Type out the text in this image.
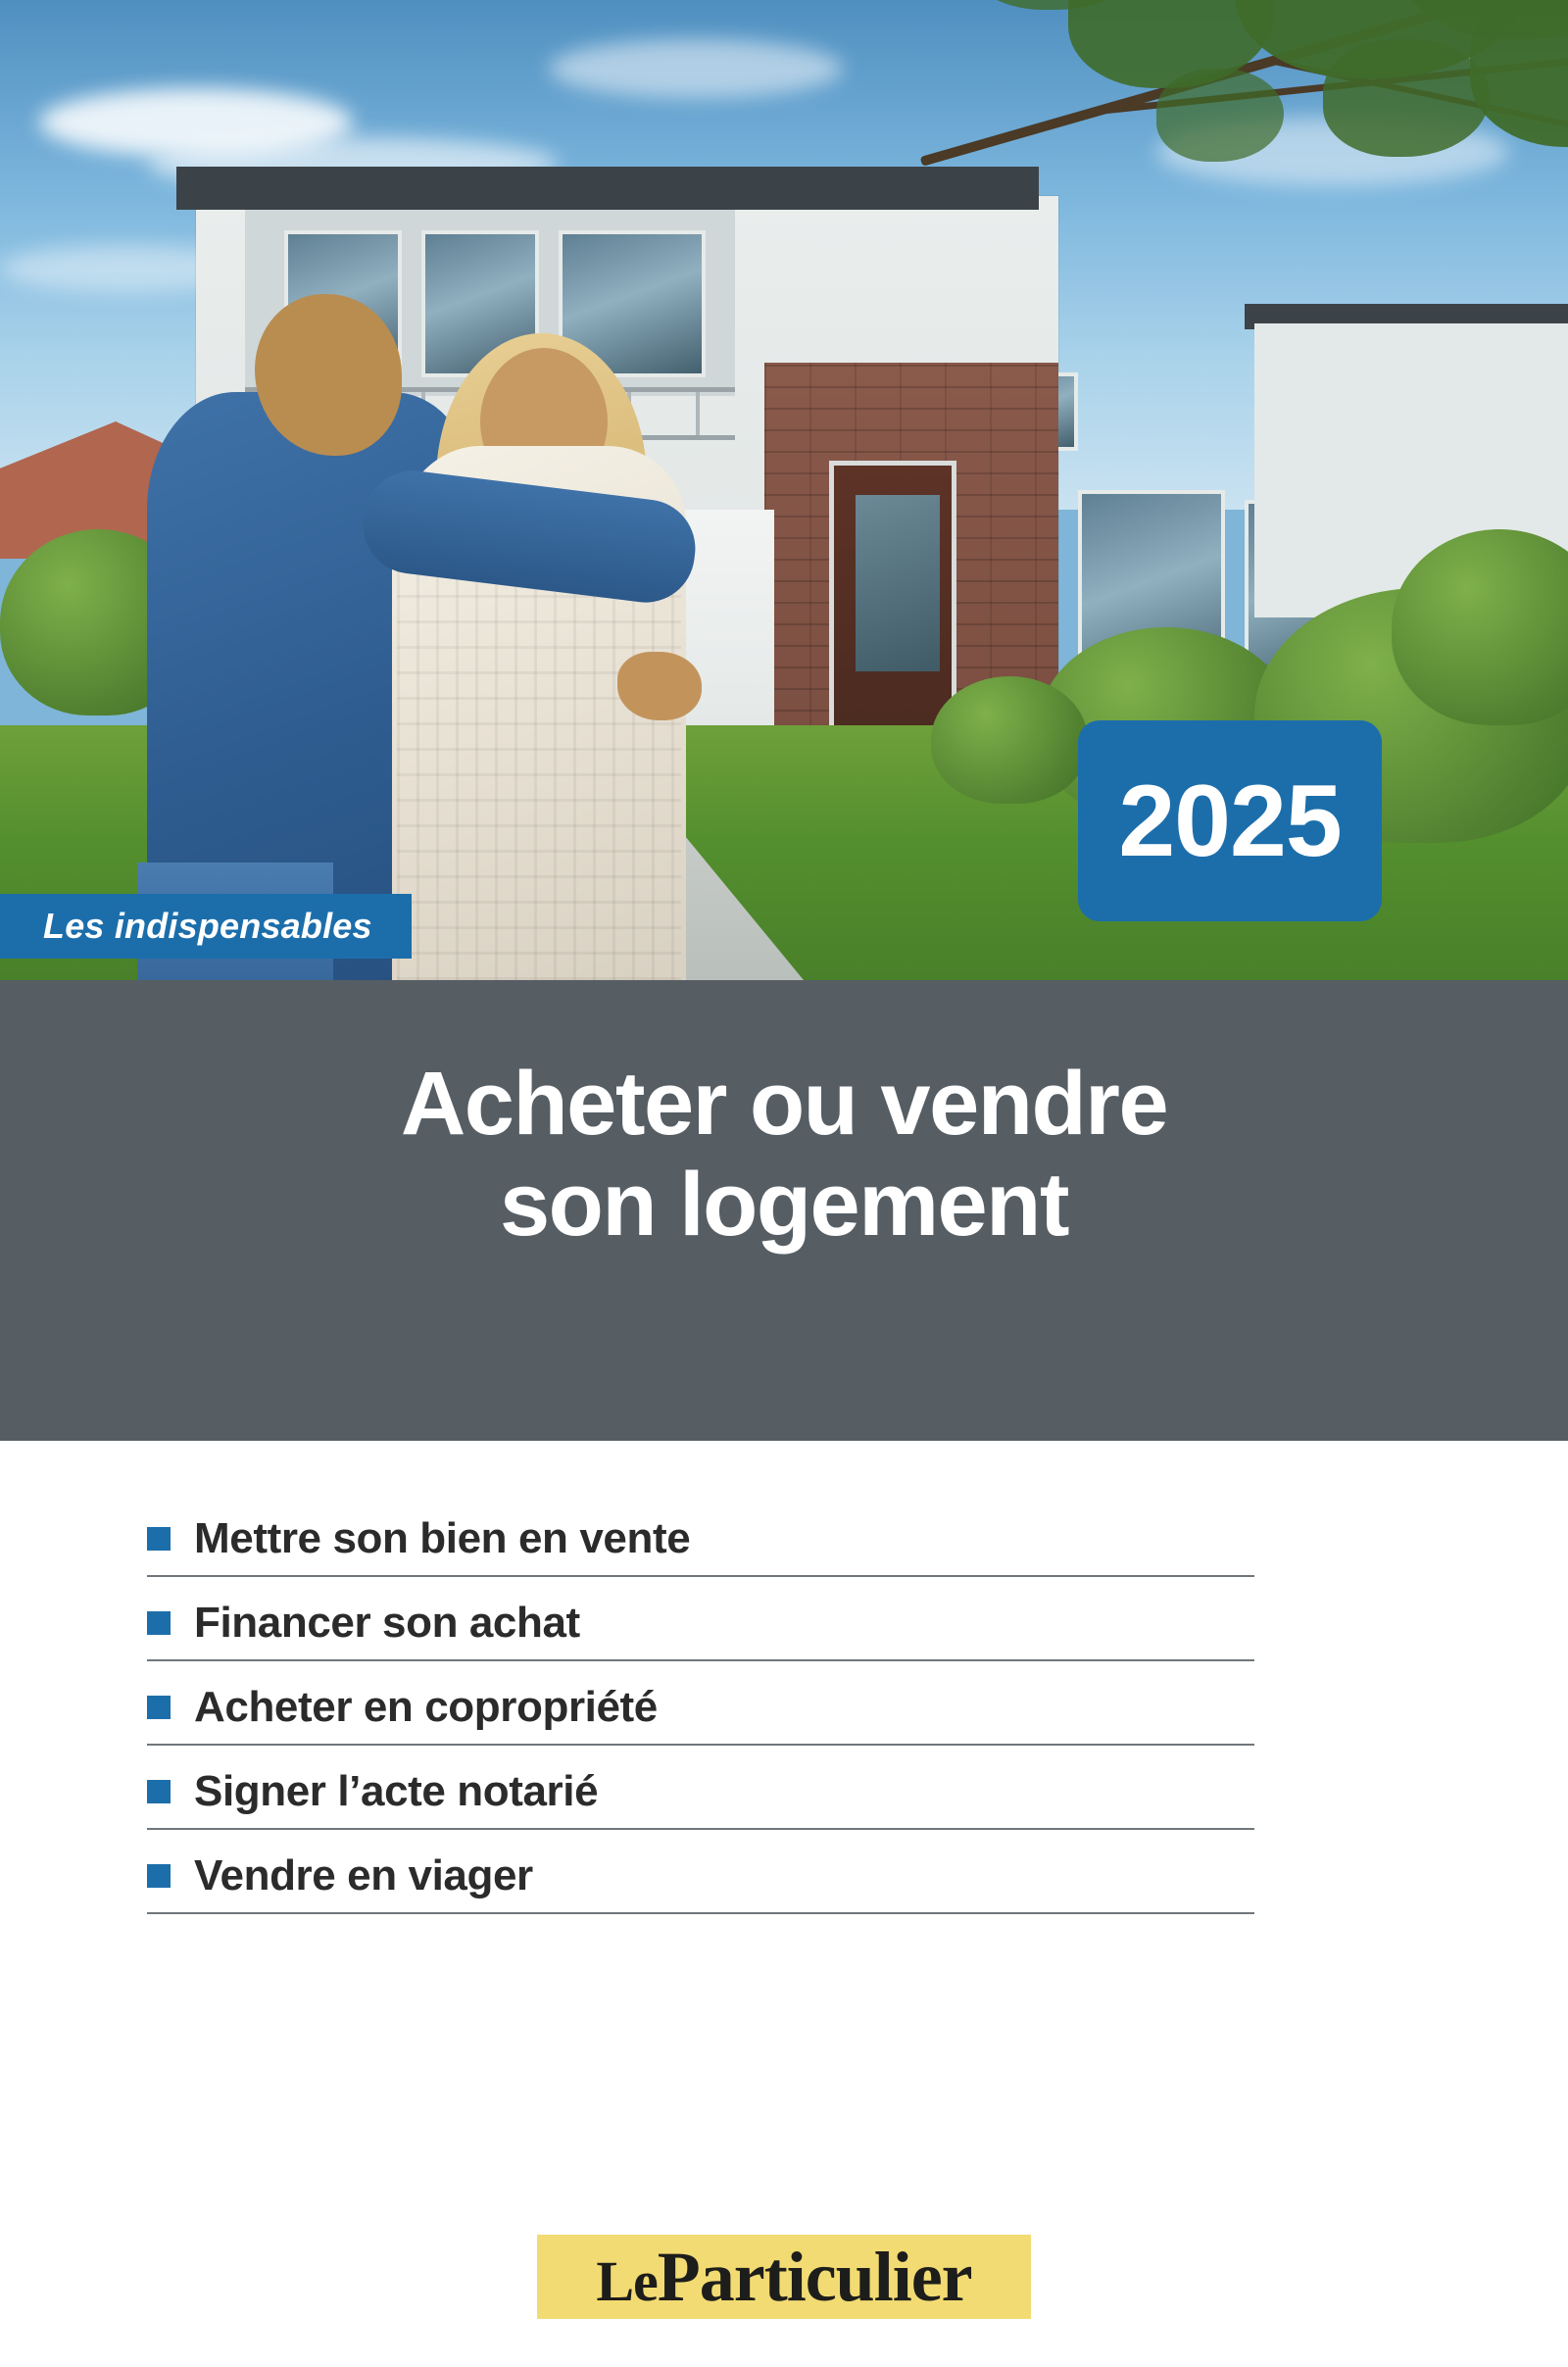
2025
Les indispensables
Acheter ou vendre
son logement
Mettre son bien en vente
Financer son achat
Acheter en copropriété
Signer l’acte notarié
Vendre en viager
LeParticulier
